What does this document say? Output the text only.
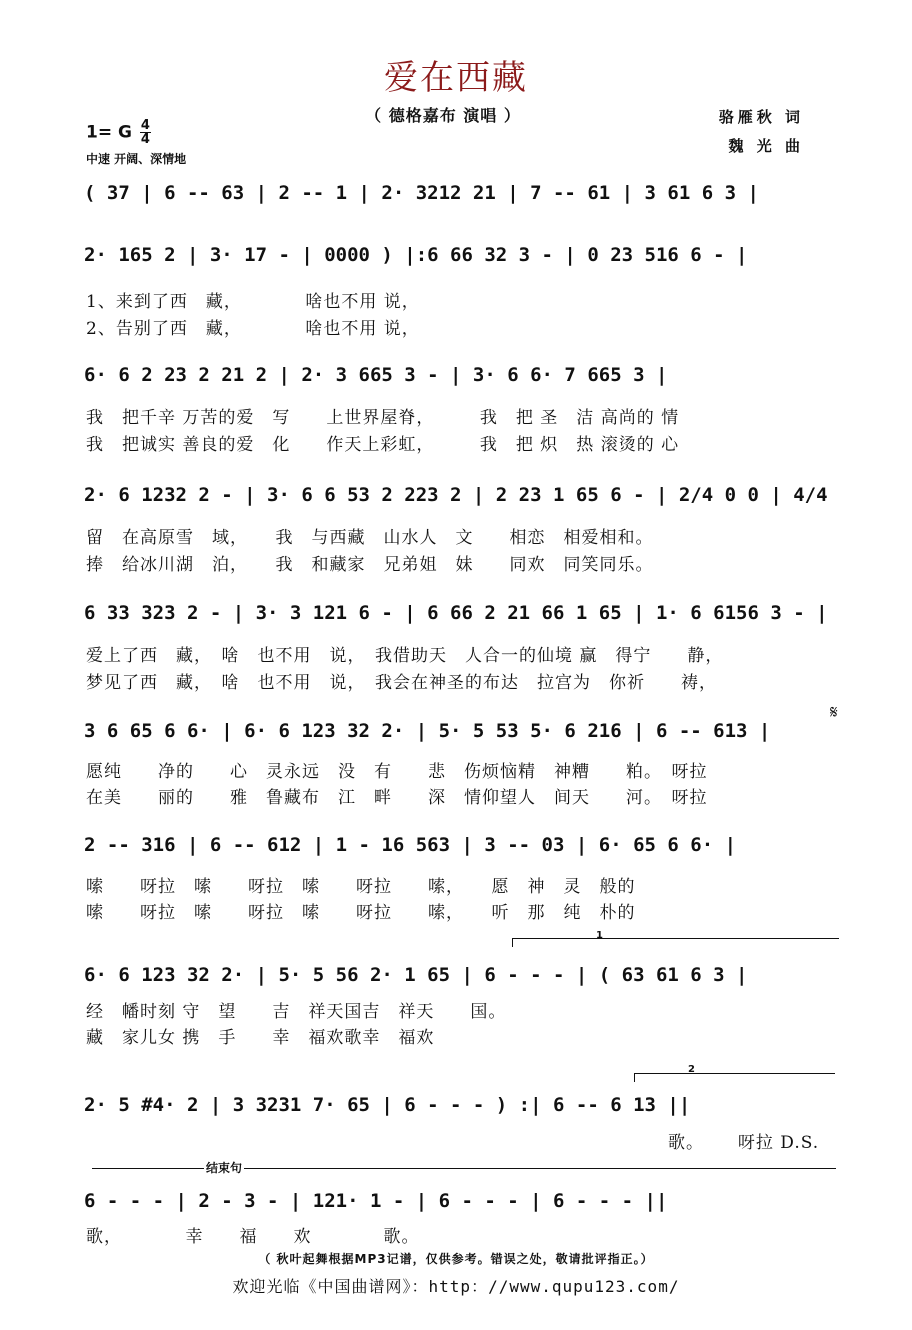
爱在西藏
（ 德格嘉布 演唱 ）	骆雁秋 词
魏 光 曲
1= G $\frac{4}{4}$
中速 开阔、深情地
( 37 | 6 -- 63 | 2 -- 1 | 2· 3212 21 | 7 -- 61 | 3 61 6 3 |
2· 165 2 | 3· 17 - | 0000 ) |:6 66 32 3 - | 0 23 516 6 - |
1、来到了西　藏，　　　　啥也不用 说，
2、告别了西　藏，　　　　啥也不用 说，
6· 6 2 23 2 21 2 | 2· 3 665 3 - | 3· 6 6· 7 665 3 |
我　把千辛 万苦的爱　写　　上世界屋脊，　　　我　把 圣　洁 高尚的 情
我　把诚实 善良的爱　化　　作天上彩虹，　　　我　把 炽　热 滚烫的 心
2· 6 1232 2 - | 3· 6 6 53 2 223 2 | 2 23 1 65 6 - | 2/4 0 0 | 4/4
留　在高原雪　域，　　我　与西藏　山水人　文　　相恋　相爱相和。
捧　给冰川湖　泊，　　我　和藏家　兄弟姐　妹　　同欢　同笑同乐。
6 33 323 2 - | 3· 3 121 6 - | 6 66 2 21 66 1 65 | 1· 6 6156 3 - |
爱上了西　藏，　啥　也不用　说，　我借助天　人合一的仙境 赢　得宁　　静，
梦见了西　藏，　啥　也不用　说，　我会在神圣的布达　拉宫为　你祈　　祷，
𝄋
3 6 65 6 6· | 6· 6 123 32 2· | 5· 5 53 5· 6 216 | 6 -- 613 |
愿纯　　净的　　心　灵永远　没　有　　悲　伤烦恼精　神糟　　粕。　呀拉
在美　　丽的　　雅　鲁藏布　江　畔　　深　情仰望人　间天　　河。　呀拉
2 -- 316 | 6 -- 612 | 1 - 16 563 | 3 -- 03 | 6· 65 6 6· |
嗦　　呀拉　嗦　　呀拉　嗦　　呀拉　　嗦，　　愿　神　灵　般的
嗦　　呀拉　嗦　　呀拉　嗦　　呀拉　　嗦，　　听　那　纯　朴的
1
6· 6 123 32 2· | 5· 5 56 2· 1 65 | 6 - - - | ( 63 61 6 3 |
经　幡时刻 守　望　　吉　祥天国吉　祥天　　国。
藏　家儿女 携　手　　幸　福欢歌幸　福欢
2
2· 5 #4· 2 | 3 3231 7· 65 | 6 - - - ) :| 6 -- 6 13 ||
歌。　　 呀拉 D.S.
结束句
6 - - - | 2 - 3 - | 121· 1 - | 6 - - - | 6 - - - ||
歌，　　　　幸　　福　　欢　　　　歌。
（ 秋叶起舞根据MP3记谱，仅供参考。错误之处，敬请批评指正。）
欢迎光临《中国曲谱网》：http：//www.qupu123.com/
